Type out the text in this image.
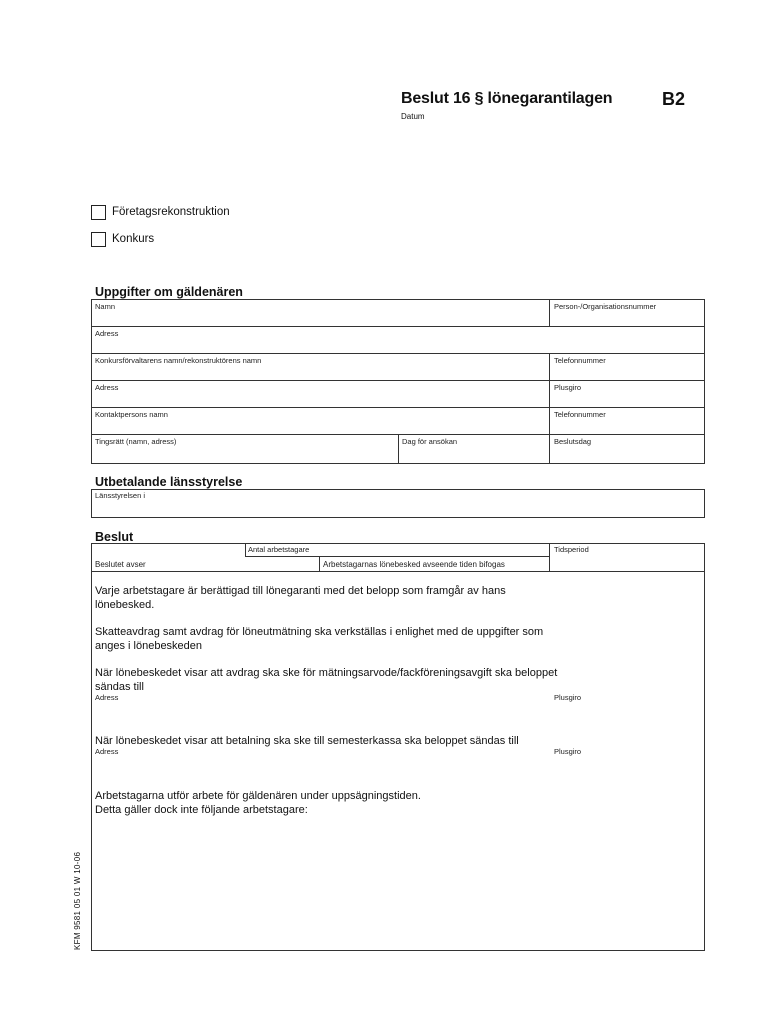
Beslut 16 § lönegarantilagen	B2
Datum
Företagsrekonstruktion
Konkurs
Uppgifter om gäldenären
Namn	Person-/Organisationsnummer
Adress
Konkursförvaltarens namn/rekonstruktörens namn	Telefonnummer
Adress	Plusgiro
Kontaktpersons namn	Telefonnummer
Tingsrätt (namn, adress)	Dag för ansökan	Beslutsdag
Utbetalande länsstyrelse
Länsstyrelsen i
Beslut
Antal arbetstagare	Tidsperiod
Beslutet avser	Arbetstagarnas lönebesked avseende tiden bifogas
Varje arbetstagare är berättigad till lönegaranti med det belopp som framgår av hans lönebesked.
Skatteavdrag samt avdrag för löneutmätning ska verkställas i enlighet med de uppgifter som anges i lönebeskeden
När lönebeskedet visar att avdrag ska ske för mätningsarvode/fackföreningsavgift ska beloppet sändas till
Adress	Plusgiro
När lönebeskedet visar att betalning ska ske till semesterkassa ska beloppet sändas till
Adress	Plusgiro
Arbetstagarna utför arbete för gäldenären under uppsägningstiden.
Detta gäller dock inte följande arbetstagare:
KFM 9581 05 01 W 10-06
